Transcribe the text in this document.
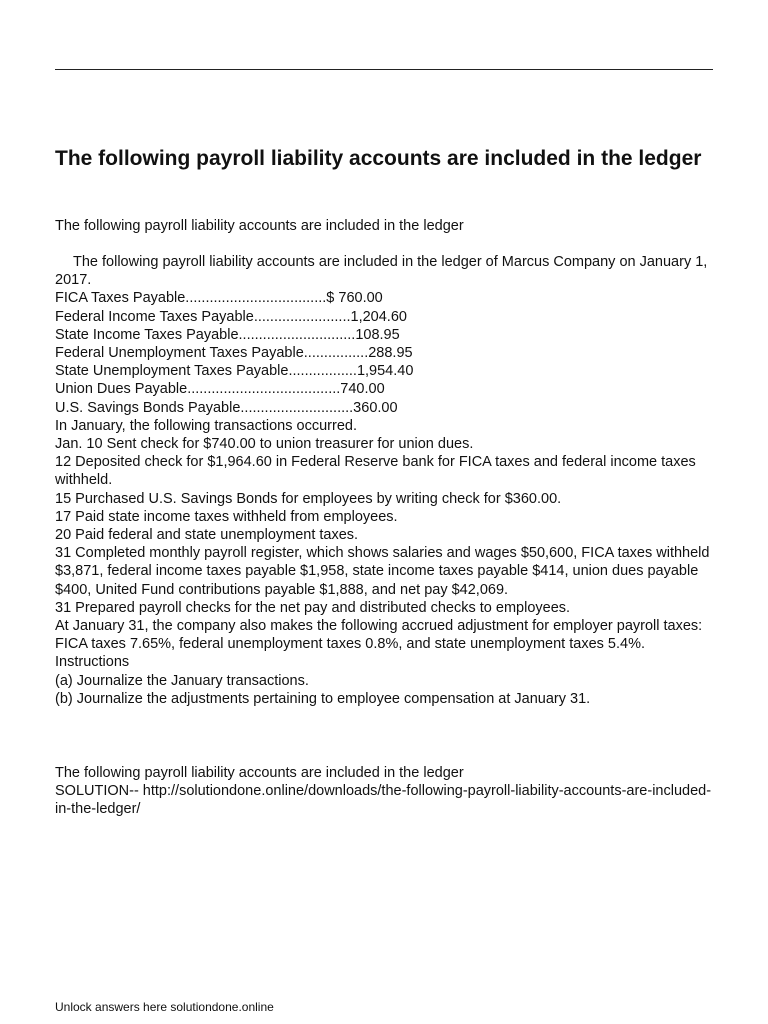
The following payroll liability accounts are included in the ledger
The following payroll liability accounts are included in the ledger
The following payroll liability accounts are included in the ledger of Marcus Company on January 1, 2017.
FICA Taxes Payable...................................$ 760.00
Federal Income Taxes Payable........................1,204.60
State Income Taxes Payable.............................108.95
Federal Unemployment Taxes Payable................288.95
State Unemployment Taxes Payable.................1,954.40
Union Dues Payable......................................740.00
U.S. Savings Bonds Payable............................360.00
In January, the following transactions occurred.
Jan. 10 Sent check for $740.00 to union treasurer for union dues.
12 Deposited check for $1,964.60 in Federal Reserve bank for FICA taxes and federal income taxes withheld.
15 Purchased U.S. Savings Bonds for employees by writing check for $360.00.
17 Paid state income taxes withheld from employees.
20 Paid federal and state unemployment taxes.
31 Completed monthly payroll register, which shows salaries and wages $50,600, FICA taxes withheld $3,871, federal income taxes payable $1,958, state income taxes payable $414, union dues payable $400, United Fund contributions payable $1,888, and net pay $42,069.
31 Prepared payroll checks for the net pay and distributed checks to employees.
At January 31, the company also makes the following accrued adjustment for employer payroll taxes: FICA taxes 7.65%, federal unemployment taxes 0.8%, and state unemployment taxes 5.4%.
Instructions
(a) Journalize the January transactions.
(b) Journalize the adjustments pertaining to employee compensation at January 31.
The following payroll liability accounts are included in the ledger
SOLUTION-- http://solutiondone.online/downloads/the-following-payroll-liability-accounts-are-included-in-the-ledger/
Unlock answers here solutiondone.online
